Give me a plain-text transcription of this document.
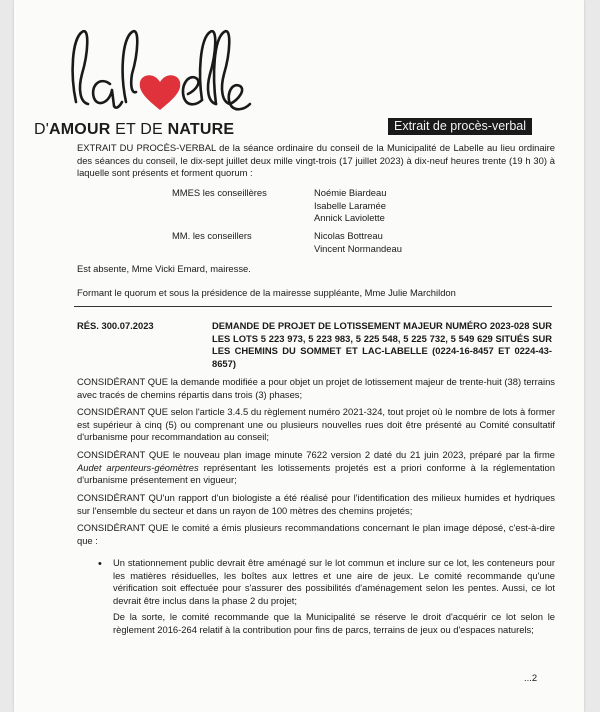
D'AMOUR ET DE NATURE	Extrait de procès-verbal
EXTRAIT DU PROCÈS-VERBAL de la séance ordinaire du conseil de la Municipalité de Labelle au lieu ordinaire des séances du conseil, le dix-sept juillet deux mille vingt-trois (17 juillet 2023) à dix-neuf heures trente (19 h 30) à laquelle sont présents et forment quorum :
MMES les conseillères	Noémie Biardeau
Isabelle Laramée
Annick Laviolette
MM. les conseillers	Nicolas Bottreau
Vincent Normandeau
Est absente, Mme Vicki Emard, mairesse.
Formant le quorum et sous la présidence de la mairesse suppléante, Mme Julie Marchildon
RÉS. 300.07.2023	DEMANDE DE PROJET DE LOTISSEMENT MAJEUR NUMÉRO 2023-028 SUR LES LOTS 5 223 973, 5 223 983, 5 225 548, 5 225 732, 5 549 629 SITUÉS SUR LES CHEMINS DU SOMMET ET LAC-LABELLE (0224-16-8457 ET 0224-43-8657)
CONSIDÉRANT QUE la demande modifiée a pour objet un projet de lotissement majeur de trente-huit (38) terrains avec tracés de chemins répartis dans trois (3) phases;
CONSIDÉRANT QUE selon l'article 3.4.5 du règlement numéro 2021-324, tout projet où le nombre de lots à former est supérieur à cinq (5) ou comprenant une ou plusieurs nouvelles rues doit être présenté au Comité consultatif d'urbanisme pour recommandation au conseil;
CONSIDÉRANT QUE le nouveau plan image minute 7622 version 2 daté du 21 juin 2023, préparé par la firme Audet arpenteurs-géomètres représentant les lotissements projetés est a priori conforme à la réglementation d'urbanisme présentement en vigueur;
CONSIDÉRANT QU'un rapport d'un biologiste a été réalisé pour l'identification des milieux humides et hydriques sur l'ensemble du secteur et dans un rayon de 100 mètres des chemins projetés;
CONSIDÉRANT QUE le comité a émis plusieurs recommandations concernant le plan image déposé, c'est-à-dire que :
• Un stationnement public devrait être aménagé sur le lot commun et inclure sur ce lot, les conteneurs pour les matières résiduelles, les boîtes aux lettres et une aire de jeux. Le comité recommande qu'une vérification soit effectuée pour s'assurer des possibilités d'aménagement selon les pentes. Aussi, ce lot devrait être inclus dans la phase 2 du projet;
De la sorte, le comité recommande que la Municipalité se réserve le droit d'acquérir ce lot selon le règlement 2016-264 relatif à la contribution pour fins de parcs, terrains de jeux ou d'espaces naturels;
...2
